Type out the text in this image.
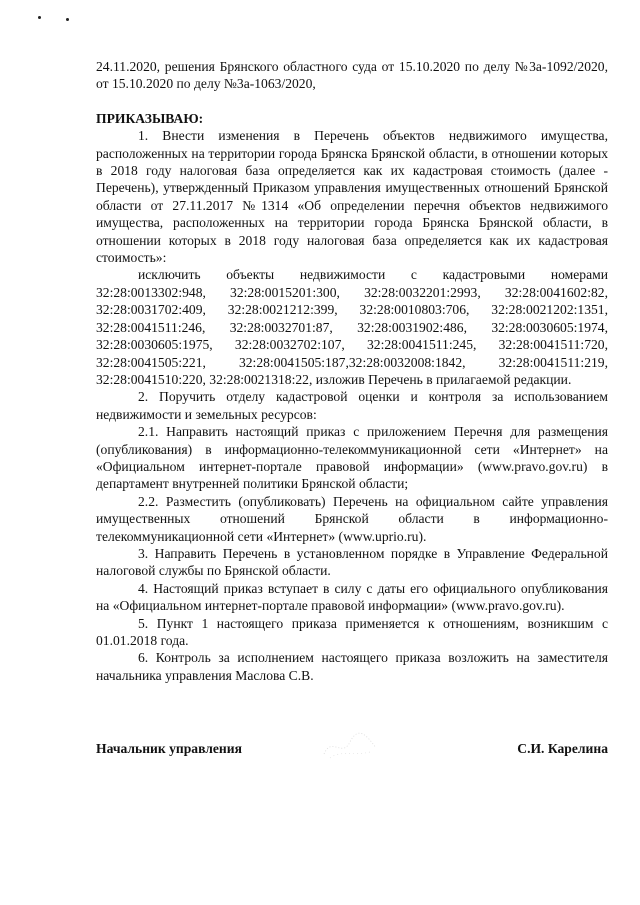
24.11.2020, решения Брянского областного суда от 15.10.2020 по делу №3а-1092/2020, от 15.10.2020 по делу №3а-1063/2020,

ПРИКАЗЫВАЮ:

1. Внести изменения в Перечень объектов недвижимого имущества, расположенных на территории города Брянска Брянской области, в отношении которых в 2018 году налоговая база определяется как их кадастровая стоимость (далее - Перечень), утвержденный Приказом управления имущественных отношений Брянской области от 27.11.2017 №1314 «Об определении перечня объектов недвижимого имущества, расположенных на территории города Брянска Брянской области, в отношении которых в 2018 году налоговая база определяется как их кадастровая стоимость»:

исключить объекты недвижимости с кадастровыми номерами

32:28:0013302:948, 32:28:0015201:300, 32:28:0032201:2993, 32:28:0041602:82, 32:28:0031702:409, 32:28:0021212:399, 32:28:0010803:706, 32:28:0021202:1351, 32:28:0041511:246, 32:28:0032701:87, 32:28:0031902:486, 32:28:0030605:1974, 32:28:0030605:1975, 32:28:0032702:107, 32:28:0041511:245, 32:28:0041511:720, 32:28:0041505:221, 32:28:0041505:187,32:28:0032008:1842, 32:28:0041511:219, 32:28:0041510:220, 32:28:0021318:22, изложив Перечень в прилагаемой редакции.

2. Поручить отделу кадастровой оценки и контроля за использованием недвижимости и земельных ресурсов:

2.1. Направить настоящий приказ с приложением Перечня для размещения (опубликования) в информационно-телекоммуникационной сети «Интернет» на «Официальном интернет-портале правовой информации» (www.pravo.gov.ru) в департамент внутренней политики Брянской области;

2.2. Разместить (опубликовать) Перечень на официальном сайте управления имущественных отношений Брянской области в информационно-телекоммуникационной сети «Интернет» (www.uprio.ru).

3. Направить Перечень в установленном порядке в Управление Федеральной налоговой службы по Брянской области.

4. Настоящий приказ вступает в силу с даты его официального опубликования на «Официальном интернет-портале правовой информации» (www.pravo.gov.ru).

5. Пункт 1 настоящего приказа применяется к отношениям, возникшим с 01.01.2018 года.

6. Контроль за исполнением настоящего приказа возложить на заместителя начальника управления Маслова С.В.

Начальник управления	С.И. Карелина
